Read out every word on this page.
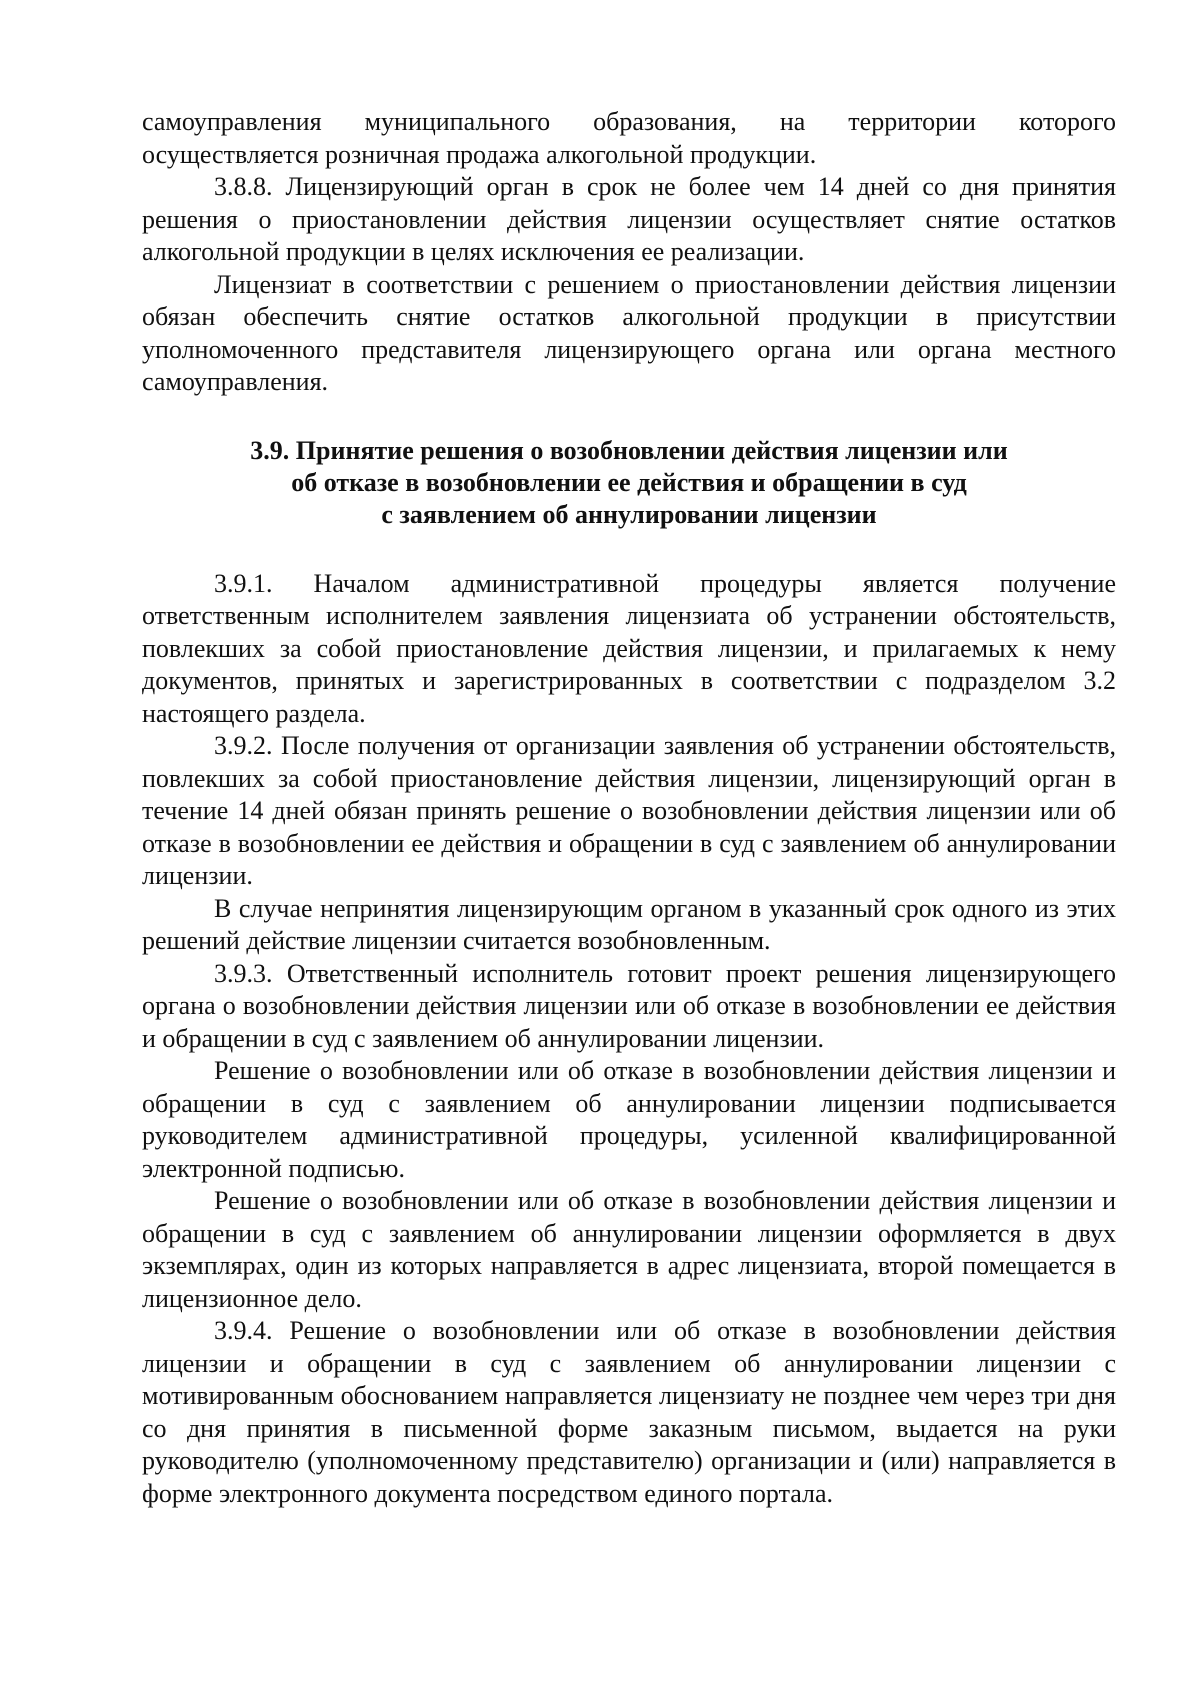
самоуправления муниципального образования, на территории которого осуществляется розничная продажа алкогольной продукции.

3.8.8. Лицензирующий орган в срок не более чем 14 дней со дня принятия решения о приостановлении действия лицензии осуществляет снятие остатков алкогольной продукции в целях исключения ее реализации.

Лицензиат в соответствии с решением о приостановлении действия лицензии обязан обеспечить снятие остатков алкогольной продукции в присутствии уполномоченного представителя лицензирующего органа или органа местного самоуправления.

3.9. Принятие решения о возобновлении действия лицензии или
об отказе в возобновлении ее действия и обращении в суд
с заявлением об аннулировании лицензии

3.9.1. Началом административной процедуры является получение ответственным исполнителем заявления лицензиата об устранении обстоятельств, повлекших за собой приостановление действия лицензии, и прилагаемых к нему документов, принятых и зарегистрированных в соответствии с подразделом 3.2 настоящего раздела.

3.9.2. После получения от организации заявления об устранении обстоятельств, повлекших за собой приостановление действия лицензии, лицензирующий орган в течение 14 дней обязан принять решение о возобновлении действия лицензии или об отказе в возобновлении ее действия и обращении в суд с заявлением об аннулировании лицензии.

В случае непринятия лицензирующим органом в указанный срок одного из этих решений действие лицензии считается возобновленным.

3.9.3. Ответственный исполнитель готовит проект решения лицензирующего органа о возобновлении действия лицензии или об отказе в возобновлении ее действия и обращении в суд с заявлением об аннулировании лицензии.

Решение о возобновлении или об отказе в возобновлении действия лицензии и обращении в суд с заявлением об аннулировании лицензии подписывается руководителем административной процедуры, усиленной квалифицированной электронной подписью.

Решение о возобновлении или об отказе в возобновлении действия лицензии и обращении в суд с заявлением об аннулировании лицензии оформляется в двух экземплярах, один из которых направляется в адрес лицензиата, второй помещается в лицензионное дело.

3.9.4. Решение о возобновлении или об отказе в возобновлении действия лицензии и обращении в суд с заявлением об аннулировании лицензии с мотивированным обоснованием направляется лицензиату не позднее чем через три дня со дня принятия в письменной форме заказным письмом, выдается на руки руководителю (уполномоченному представителю) организации и (или) направляется в форме электронного документа посредством единого портала.
